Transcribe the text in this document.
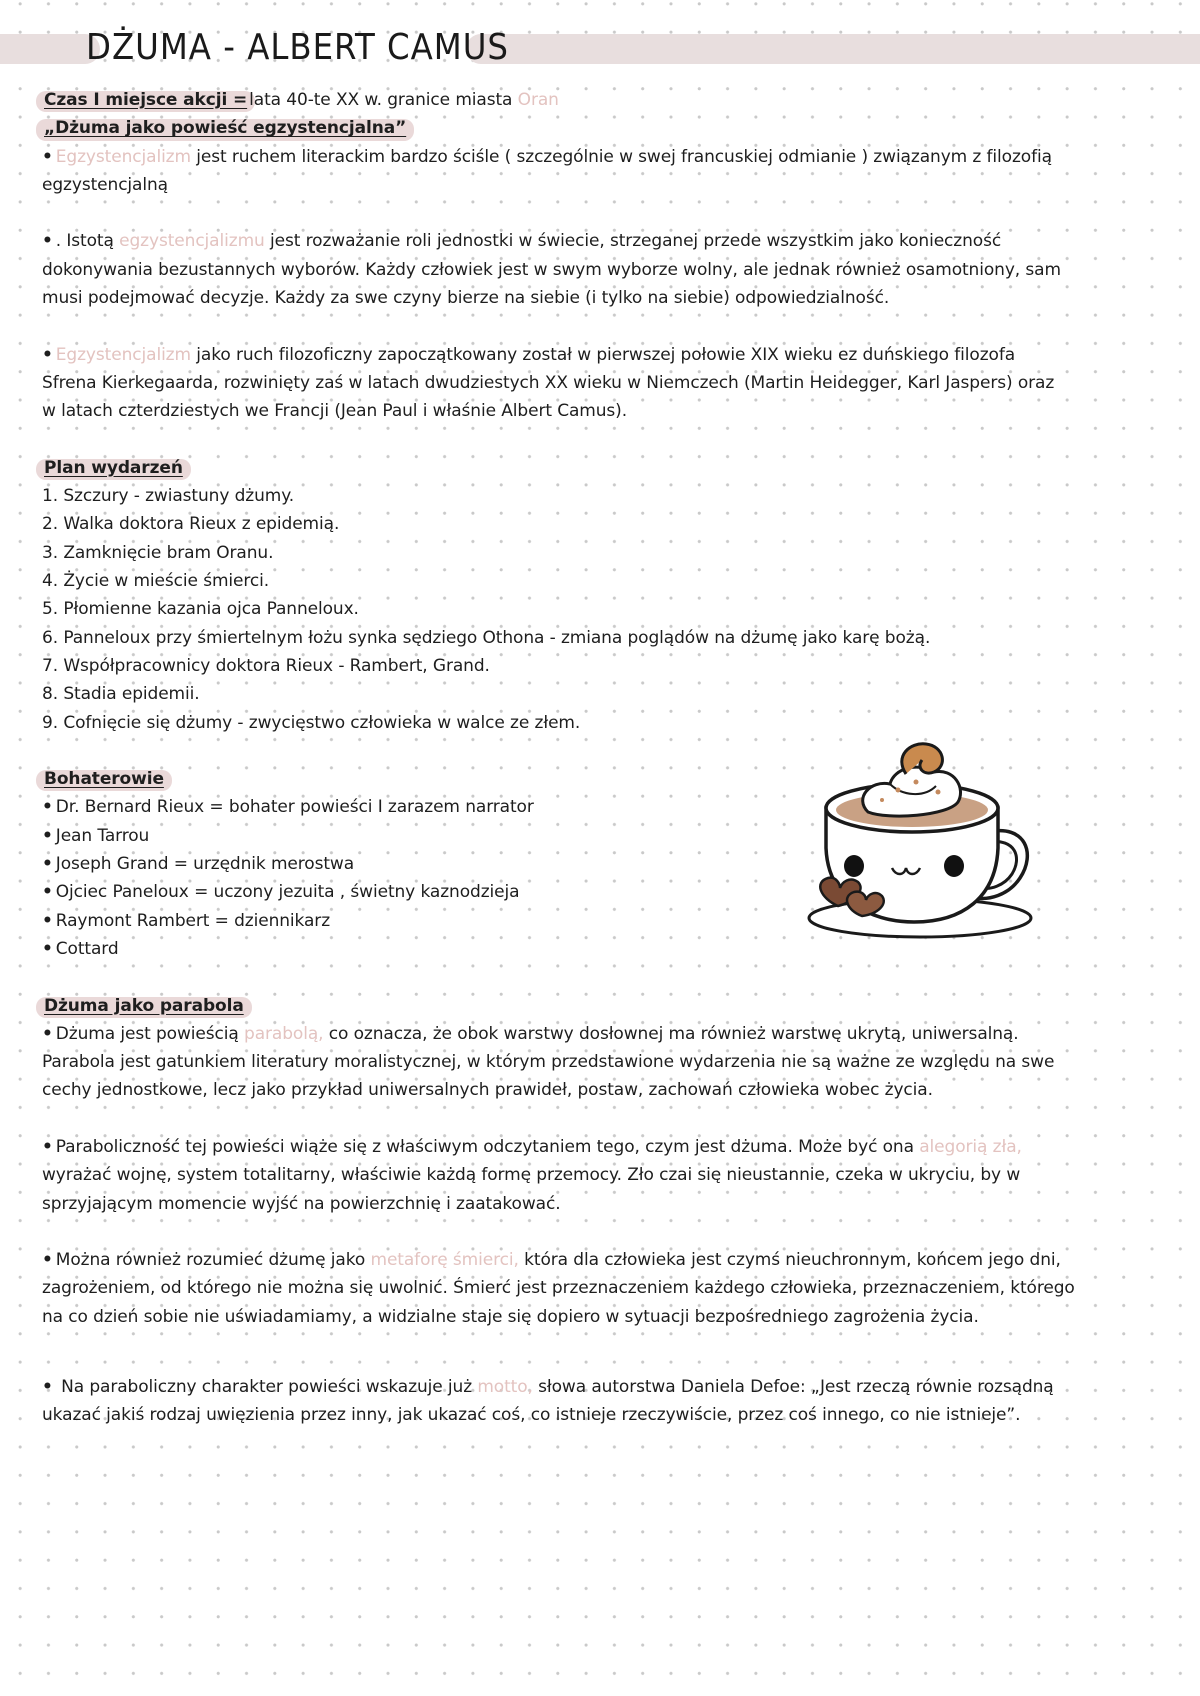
DŻUMA - ALBERT CAMUS
Czas I miejsce akcji =lata 40-te XX w. granice miasta Oran
„Dżuma jako powieść egzystencjalna”
• Egzystencjalizm jest ruchem literackim bardzo ściśle ( szczególnie w swej francuskiej odmianie ) związanym z filozofią
egzystencjalną
• . Istotą egzystencjalizmu jest rozważanie roli jednostki w świecie, strzeganej przede wszystkim jako konieczność
dokonywania bezustannych wyborów. Każdy człowiek jest w swym wyborze wolny, ale jednak również osamotniony, sam
musi podejmować decyzje. Każdy za swe czyny bierze na siebie (i tylko na siebie) odpowiedzialność.
• Egzystencjalizm jako ruch filozoficzny zapoczątkowany został w pierwszej połowie XIX wieku ez duńskiego filozofa
Sfrena Kierkegaarda, rozwinięty zaś w latach dwudziestych XX wieku w Niemczech (Martin Heidegger, Karl Jaspers) oraz
w latach czterdziestych we Francji (Jean Paul i właśnie Albert Camus).
Plan wydarzeń
1. Szczury - zwiastuny dżumy.
2. Walka doktora Rieux z epidemią.
3. Zamknięcie bram Oranu.
4. Życie w mieście śmierci.
5. Płomienne kazania ojca Panneloux.
6. Panneloux przy śmiertelnym łożu synka sędziego Othona - zmiana poglądów na dżumę jako karę bożą.
7. Współpracownicy doktora Rieux - Rambert, Grand.
8. Stadia epidemii.
9. Cofnięcie się dżumy - zwycięstwo człowieka w walce ze złem.
Bohaterowie
• Dr. Bernard Rieux = bohater powieści I zarazem narrator
• Jean Tarrou
• Joseph Grand = urzędnik merostwa
• Ojciec Paneloux = uczony jezuita , świetny kaznodzieja
• Raymont Rambert = dziennikarz
• Cottard
Dżuma jako parabola
• Dżuma jest powieścią parabolą, co oznacza, że obok warstwy dosłownej ma również warstwę ukrytą, uniwersalną.
Parabola jest gatunkiem literatury moralistycznej, w którym przedstawione wydarzenia nie są ważne ze względu na swe
cechy jednostkowe, lecz jako przykład uniwersalnych prawideł, postaw, zachowań człowieka wobec życia.
• Paraboliczność tej powieści wiąże się z właściwym odczytaniem tego, czym jest dżuma. Może być ona alegorią zła,
wyrażać wojnę, system totalitarny, właściwie każdą formę przemocy. Zło czai się nieustannie, czeka w ukryciu, by w
sprzyjającym momencie wyjść na powierzchnię i zaatakować.
• Można również rozumieć dżumę jako metaforę śmierci, która dla człowieka jest czymś nieuchronnym, końcem jego dni,
zagrożeniem, od którego nie można się uwolnić. Śmierć jest przeznaczeniem każdego człowieka, przeznaczeniem, którego
na co dzień sobie nie uświadamiamy, a widzialne staje się dopiero w sytuacji bezpośredniego zagrożenia życia.
• Na paraboliczny charakter powieści wskazuje już motto, słowa autorstwa Daniela Defoe: „Jest rzeczą równie rozsądną
ukazać jakiś rodzaj uwięzienia przez inny, jak ukazać coś, co istnieje rzeczywiście, przez coś innego, co nie istnieje”.
